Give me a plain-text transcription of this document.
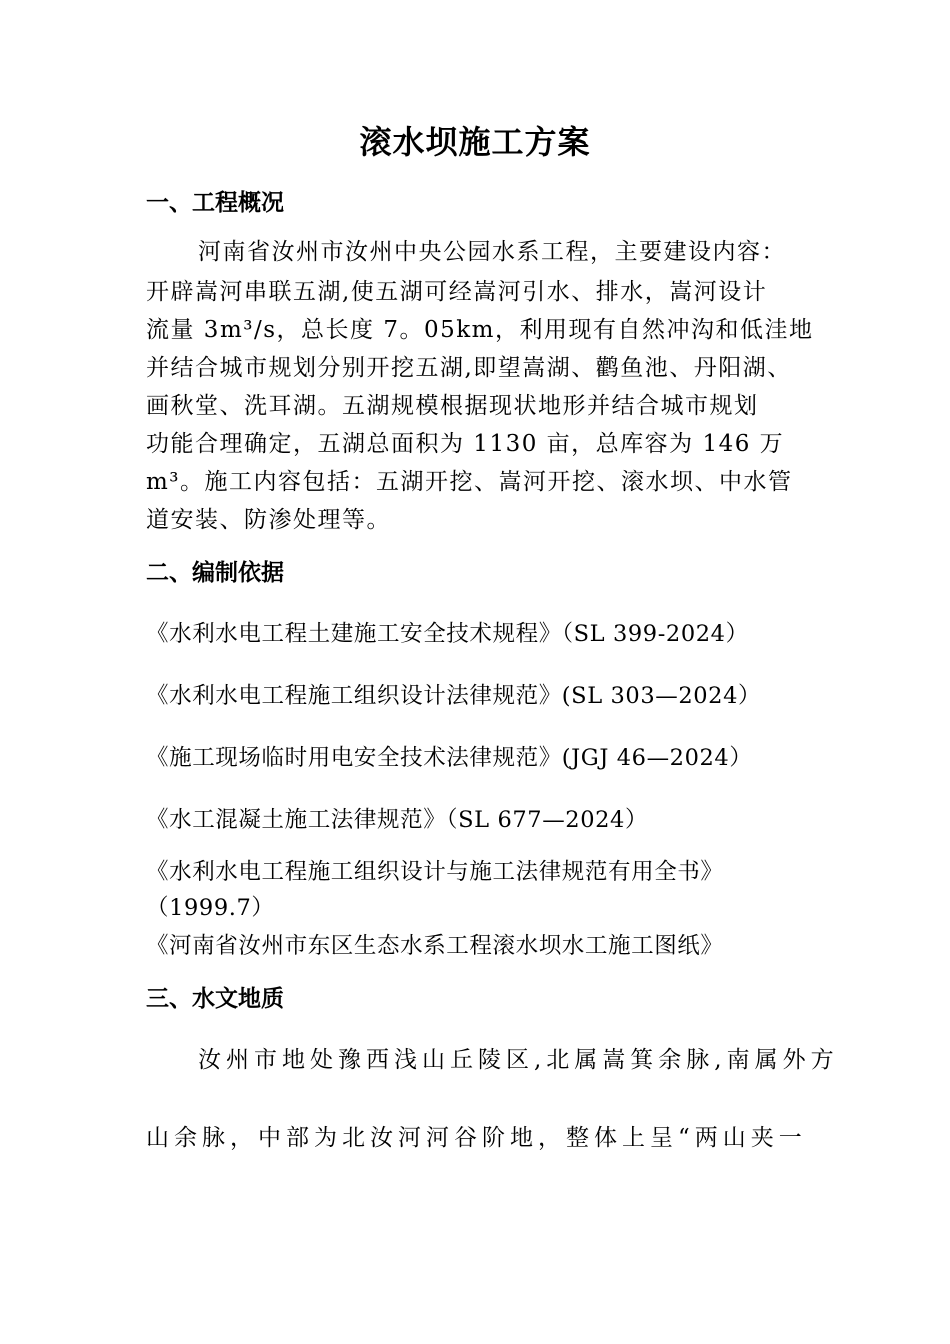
滚水坝施工方案
一、工程概况

河南省汝州市汝州中央公园水系工程，主要建设内容：

开辟嵩河串联五湖,使五湖可经嵩河引水、排水，嵩河设计

流量 3m³/s，总长度 7。05km，利用现有自然冲沟和低洼地

并结合城市规划分别开挖五湖,即望嵩湖、鹳鱼池、丹阳湖、

画秋堂、洗耳湖。五湖规模根据现状地形并结合城市规划

功能合理确定，五湖总面积为 1130 亩，总库容为 146 万

m³。施工内容包括：五湖开挖、嵩河开挖、滚水坝、中水管

道安装、防渗处理等。

二、编制依据

《水利水电工程土建施工安全技术规程》（SL 399-2024）

《水利水电工程施工组织设计法律规范》(SL 303—2024）

《施工现场临时用电安全技术法律规范》(JGJ 46—2024）

《水工混凝土施工法律规范》（SL 677—2024）

《水利水电工程施工组织设计与施工法律规范有用全书》

（1999.7）

《河南省汝州市东区生态水系工程滚水坝水工施工图纸》

三、水文地质

汝州市地处豫西浅山丘陵区,北属嵩箕余脉,南属外方

山余脉，中部为北汝河河谷阶地，整体上呈“两山夹一
